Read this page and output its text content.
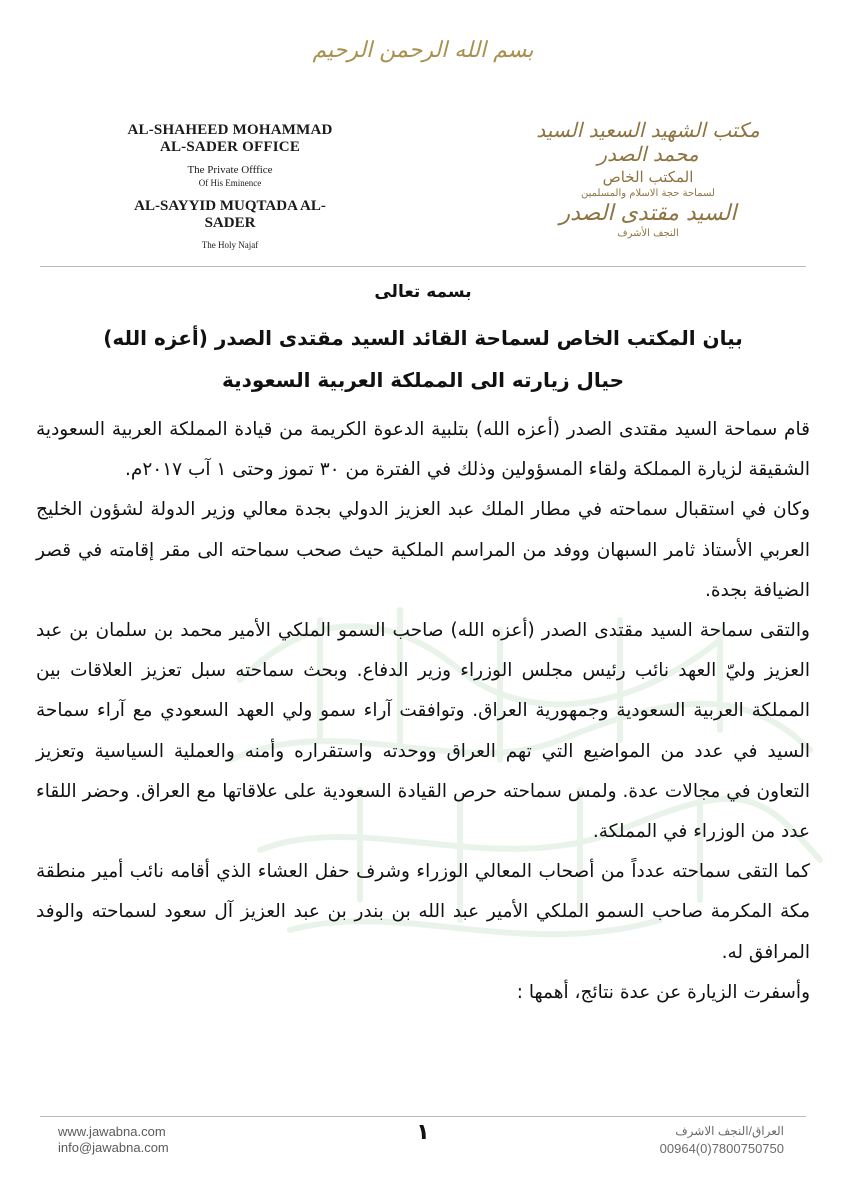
بسم الله الرحمن الرحيم
AL-SHAHEED MOHAMMAD AL-SADER OFFICE
The Private Offfice
Of His Eminence
AL-SAYYID MUQTADA AL-SADER
The Holy Najaf
مكتب الشهيد السعيد السيد محمد الصدر
المكتب الخاص
لسماحة حجة الاسلام والمسلمين
السيد مقتدى الصدر
النجف الأشرف
بسمه تعالى
بيان المكتب الخاص لسماحة القائد السيد مقتدى الصدر (أعزه الله)
حيال زيارته الى المملكة العربية السعودية

قام سماحة السيد مقتدى الصدر (أعزه الله) بتلبية الدعوة الكريمة من قيادة المملكة العربية السعودية الشقيقة لزيارة المملكة ولقاء المسؤولين وذلك في الفترة من ٣٠ تموز وحتى ١ آب ٢٠١٧م.

وكان في استقبال سماحته في مطار الملك عبد العزيز الدولي بجدة معالي وزير الدولة لشؤون الخليج العربي الأستاذ ثامر السبهان ووفد من المراسم الملكية حيث صحب سماحته الى مقر إقامته في قصر الضيافة بجدة.

والتقى سماحة السيد مقتدى الصدر (أعزه الله) صاحب السمو الملكي الأمير محمد بن سلمان بن عبد العزيز وليّ العهد نائب رئيس مجلس الوزراء وزير الدفاع. وبحث سماحته سبل تعزيز العلاقات بين المملكة العربية السعودية وجمهورية العراق. وتوافقت آراء سمو ولي العهد السعودي مع آراء سماحة السيد في عدد من المواضيع التي تهم العراق ووحدته واستقراره وأمنه والعملية السياسية وتعزيز التعاون في مجالات عدة. ولمس سماحته حرص القيادة السعودية على علاقاتها مع العراق. وحضر اللقاء عدد من الوزراء في المملكة.

كما التقى سماحته عدداً من أصحاب المعالي الوزراء وشرف حفل العشاء الذي أقامه نائب أمير منطقة مكة المكرمة صاحب السمو الملكي الأمير عبد الله بن بندر بن عبد العزيز آل سعود لسماحته والوفد المرافق له.

وأسفرت الزيارة عن عدة نتائج، أهمها :

www.jawabna.com
info@jawabna.com
١	العراق/النجف الاشرف
00964(0)7800750750
